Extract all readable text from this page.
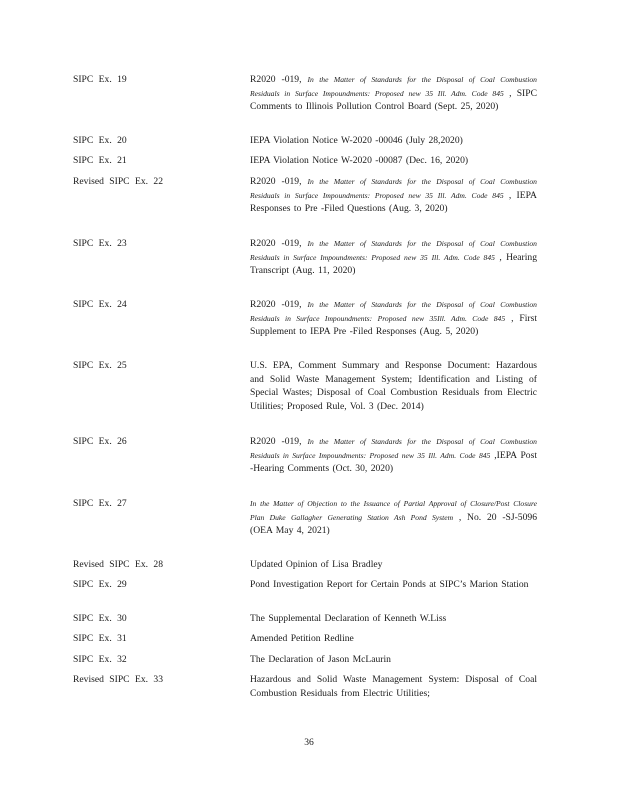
SIPC Ex. 19	R2020 -019, In the Matter of Standards for the Disposal of Coal Combustion Residuals in Surface Impoundments: Proposed new 35 Ill. Adm. Code 845 , SIPC Comments to Illinois Pollution Control Board (Sept. 25, 2020)
SIPC Ex. 20	IEPA Violation Notice W-2020 -00046 (July 28,2020)
SIPC Ex. 21	IEPA Violation Notice W-2020 -00087 (Dec. 16, 2020)
Revised SIPC Ex. 22	R2020 -019, In the Matter of Standards for the Disposal of Coal Combustion Residuals in Surface Impoundments: Proposed new 35 Ill. Adm. Code 845 , IEPA Responses to Pre -Filed Questions (Aug. 3, 2020)
SIPC Ex. 23	R2020 -019, In the Matter of Standards for the Disposal of Coal Combustion Residuals in Surface Impoundments: Proposed new 35 Ill. Adm. Code 845 , Hearing Transcript (Aug. 11, 2020)
SIPC Ex. 24	R2020 -019, In the Matter of Standards for the Disposal of Coal Combustion Residuals in Surface Impoundments: Proposed new 35Ill. Adm. Code 845 , First Supplement to IEPA Pre -Filed Responses (Aug. 5, 2020)
SIPC Ex. 25	U.S. EPA, Comment Summary and Response Document: Hazardous and Solid Waste Management System; Identification and Listing of Special Wastes; Disposal of Coal Combustion Residuals from Electric Utilities; Proposed Rule, Vol. 3 (Dec. 2014)
SIPC Ex. 26	R2020 -019, In the Matter of Standards for the Disposal of Coal Combustion Residuals in Surface Impoundments: Proposed new 35 Ill. Adm. Code 845 ,IEPA Post -Hearing Comments (Oct. 30, 2020)
SIPC Ex. 27	In the Matter of Objection to the Issuance of Partial Approval of Closure/Post Closure Plan Duke Gallagher Generating Station Ash Pond System , No. 20 -SJ-5096 (OEA May 4, 2021)
Revised SIPC Ex. 28	Updated Opinion of Lisa Bradley
SIPC Ex. 29	Pond Investigation Report for Certain Ponds at SIPC’s Marion Station
SIPC Ex. 30	The Supplemental Declaration of Kenneth W.Liss
SIPC Ex. 31	Amended Petition Redline
SIPC Ex. 32	The Declaration of Jason McLaurin
Revised SIPC Ex. 33	Hazardous and Solid Waste Management System: Disposal of Coal Combustion Residuals from Electric Utilities;
36
